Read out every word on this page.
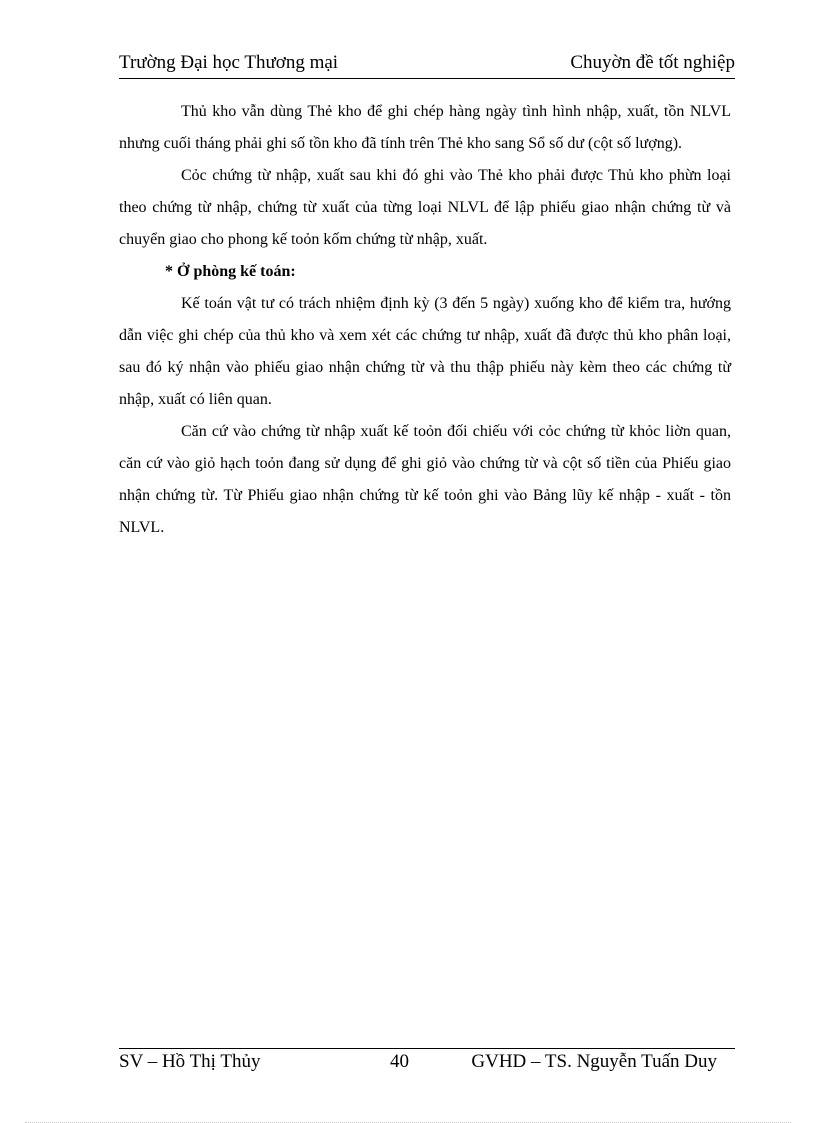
Trường Đại học Thương mại	Chuyờn đề tốt nghiệp

Thủ kho vẫn dùng Thẻ kho để ghi chép hàng ngày tình hình nhập, xuất, tồn NLVL nhưng cuối tháng phải ghi số tồn kho đã tính trên Thẻ kho sang Sổ số dư (cột số lượng).

Cỏc chứng từ nhập, xuất sau khi đó ghi vào Thẻ kho phải được Thủ kho phừn loại theo chứng từ nhập, chứng từ xuất của từng loại NLVL để lập phiếu giao nhận chứng từ và chuyển giao cho phong kế toỏn kốm chứng từ nhập, xuất.

* Ở phòng kế toán:

Kế toán vật tư có trách nhiệm định kỳ (3 đến 5 ngày) xuống kho để kiểm tra, hướng dẫn việc ghi chép của thủ kho và xem xét các chứng tư nhập, xuất đã được thủ kho phân loại, sau đó ký nhận vào phiếu giao nhận chứng từ và thu thập phiếu này kèm theo các chứng từ nhập, xuất có liên quan.

Căn cứ vào chứng từ nhập xuất kế toỏn đối chiếu với cỏc chứng từ khỏc liờn quan, căn cứ vào giỏ hạch toỏn đang sử dụng để ghi giỏ vào chứng từ và cột số tiền của Phiếu giao nhận chứng từ. Từ Phiếu giao nhận chứng từ kế toỏn ghi vào Bảng lũy kế nhập - xuất - tồn NLVL.

SV – Hồ Thị Thủy	40	GVHD – TS. Nguyễn Tuấn Duy
